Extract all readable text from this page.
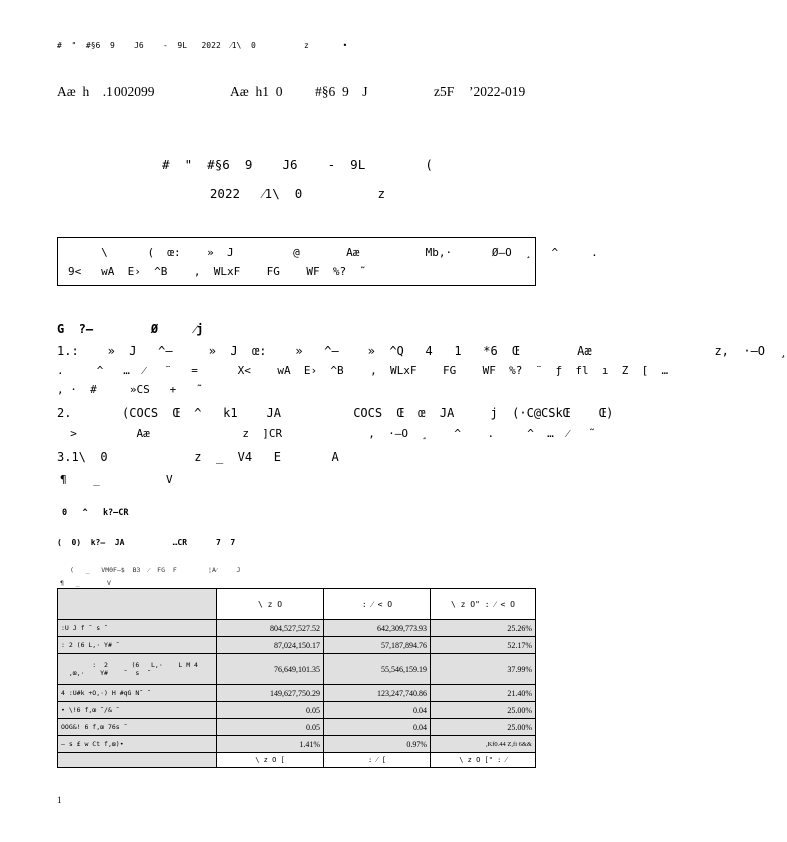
#  "  #§6  9    J6    -  9L   2022  ⁄1\  0          z       •

Aæ  h    .1

002099

	Aæ  h1  0

#§6  9    J

	z5F

’2022-019

#  "  #§6  9    J6    -  9L        (
2022   ⁄1\  0          z
\      (  œ:    »  J         @       Aæ          Mb,·      Ø–O  ¸   ^     .
9<   wA  E›  ^B    ,  WLxF    FG    WF  %?  ˜
G  ?–        Ø     ⁄j
1.:    »  J   ^–     »  J  œ:    »   ^–    »  ^Q   4   1   *6  Œ        Aæ                 z,  ·–O  ¸
.     ^   …  ⁄   ¨   =      X<    wA  E›  ^B    ,  WLxF    FG    WF  %?  ¨  ƒ  fl  ı  Z  [  …
, ·  #     »CS   +   ˜
2.       (COCS  Œ  ^   k1    JA          COCS  Œ  œ  JA     j  (·C@CSkŒ    Œ)
>         Aæ              z  ]CR             ,  ·–O  ¸    ^    .     ^  …  ⁄   ˜
3.1\  0            z  _  V4   E       A
¶    _          V
0   ^   k?–CR
(  0)  k?–  JA          …CR      7  7
(   _   VM0F–$  B3  ⁄  FG  F        ¦A⁄     J
¶   _       V
	\ z O	: ⁄ < O	\ z O" : ⁄ < O
:U J f ˜ s ˜	804,527,527.52	642,309,773.93	25.26%
: 2 (6 L,· Y# ˜	87,024,150.17	57,187,894.76	52.17%
:  2      (6   L,·    L M 4
,œ,·    Y#    ˜  s  ˜	76,649,101.35	55,546,159.19	37.99%
4 :U#k +O,·) H #qG N˜ ˜	149,627,750.29	123,247,740.86	21.40%
• \!6 f,œ ˜/& ˜	0.05	0.04	25.00%
OOG&! 6 f,œ 76s ˜	0.05	0.04	25.00%
– s £ w Ct f,œ)•	1.41%	0.97%	,Kf0.44 Z,fi 6&&
	\ z O [	: ⁄ [	\ z O [" : ⁄
1
